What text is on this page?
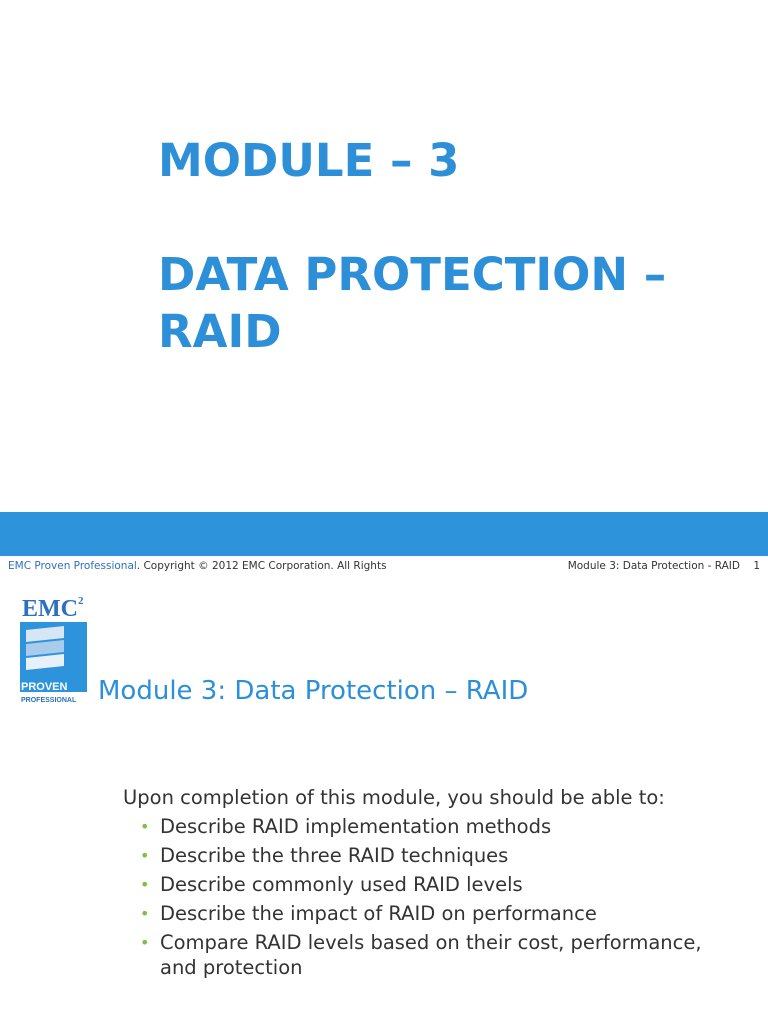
MODULE – 3
DATA PROTECTION –
RAID
EMC Proven Professional. Copyright © 2012 EMC Corporation. All Rights	Module 3: Data Protection - RAID 1
EMC 2
PROVEN
PROFESSIONAL Module 3: Data Protection – RAID
Upon completion of this module, you should be able to:
• Describe RAID implementation methods
• Describe the three RAID techniques
• Describe commonly used RAID levels
• Describe the impact of RAID on performance
• Compare RAID levels based on their cost, performance, and protection
